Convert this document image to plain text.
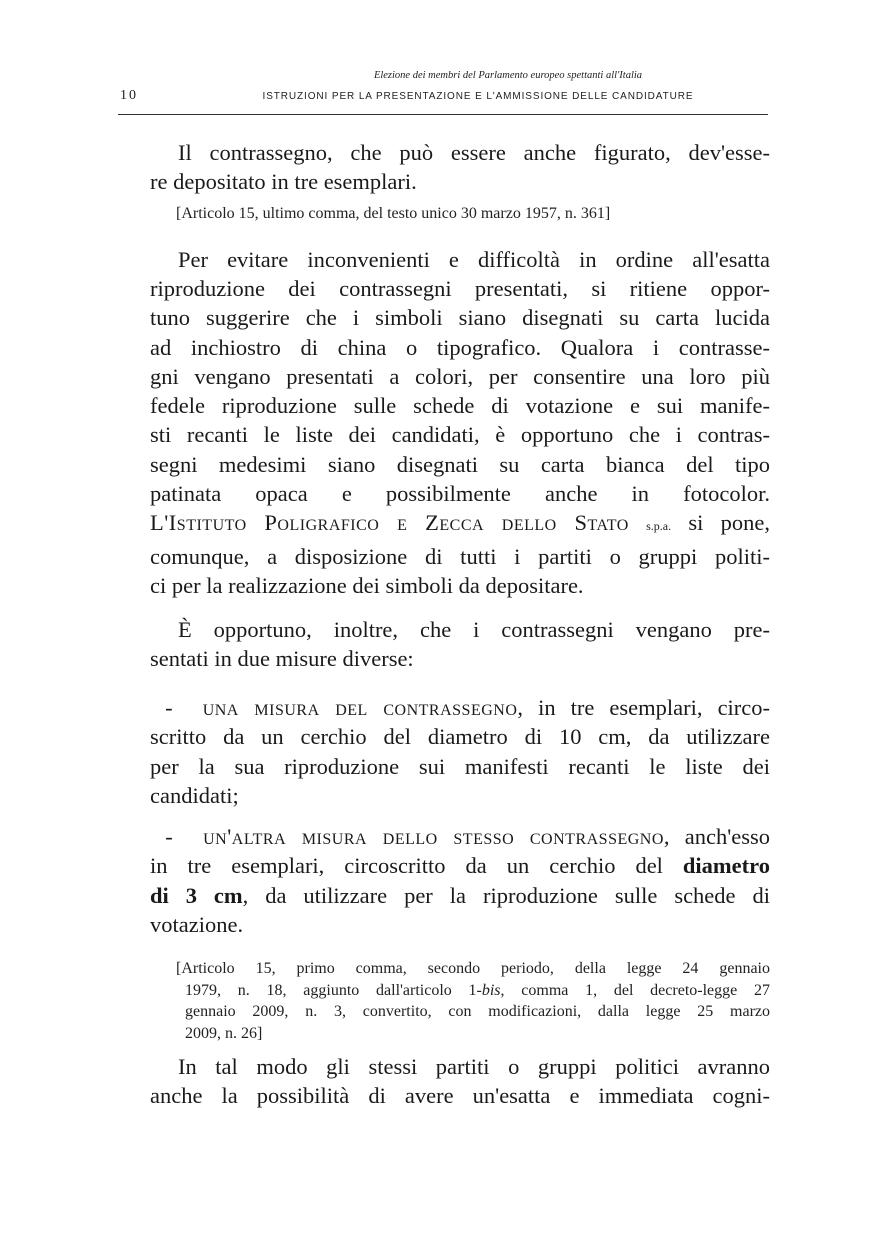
Elezione dei membri del Parlamento europeo spettanti all'Italia
10	ISTRUZIONI PER LA PRESENTAZIONE E L'AMMISSIONE DELLE CANDIDATURE
Il contrassegno, che può essere anche figurato, dev'esse-
re depositato in tre esemplari.
[Articolo 15, ultimo comma, del testo unico 30 marzo 1957, n. 361]
Per evitare inconvenienti e difficoltà in ordine all'esatta
riproduzione dei contrassegni presentati, si ritiene oppor-
tuno suggerire che i simboli siano disegnati su carta lucida
ad inchiostro di china o tipografico. Qualora i contrasse-
gni vengano presentati a colori, per consentire una loro più
fedele riproduzione sulle schede di votazione e sui manife-
sti recanti le liste dei candidati, è opportuno che i contras-
segni medesimi siano disegnati su carta bianca del tipo
patinata opaca e possibilmente anche in fotocolor.
L'Istituto Poligrafico e Zecca dello Stato s.p.a. si pone,
comunque, a disposizione di tutti i partiti o gruppi politi-
ci per la realizzazione dei simboli da depositare.
È opportuno, inoltre, che i contrassegni vengano pre-
sentati in due misure diverse:
- una misura del contrassegno, in tre esemplari, circo-
scritto da un cerchio del diametro di 10 cm, da utilizzare
per la sua riproduzione sui manifesti recanti le liste dei
candidati;
- un'altra misura dello stesso contrassegno, anch'esso
in tre esemplari, circoscritto da un cerchio del diametro
di 3 cm, da utilizzare per la riproduzione sulle schede di
votazione.
[Articolo 15, primo comma, secondo periodo, della legge 24 gennaio
1979, n. 18, aggiunto dall'articolo 1-bis, comma 1, del decreto-legge 27
gennaio 2009, n. 3, convertito, con modificazioni, dalla legge 25 marzo
2009, n. 26]
In tal modo gli stessi partiti o gruppi politici avranno
anche la possibilità di avere un'esatta e immediata cogni-
